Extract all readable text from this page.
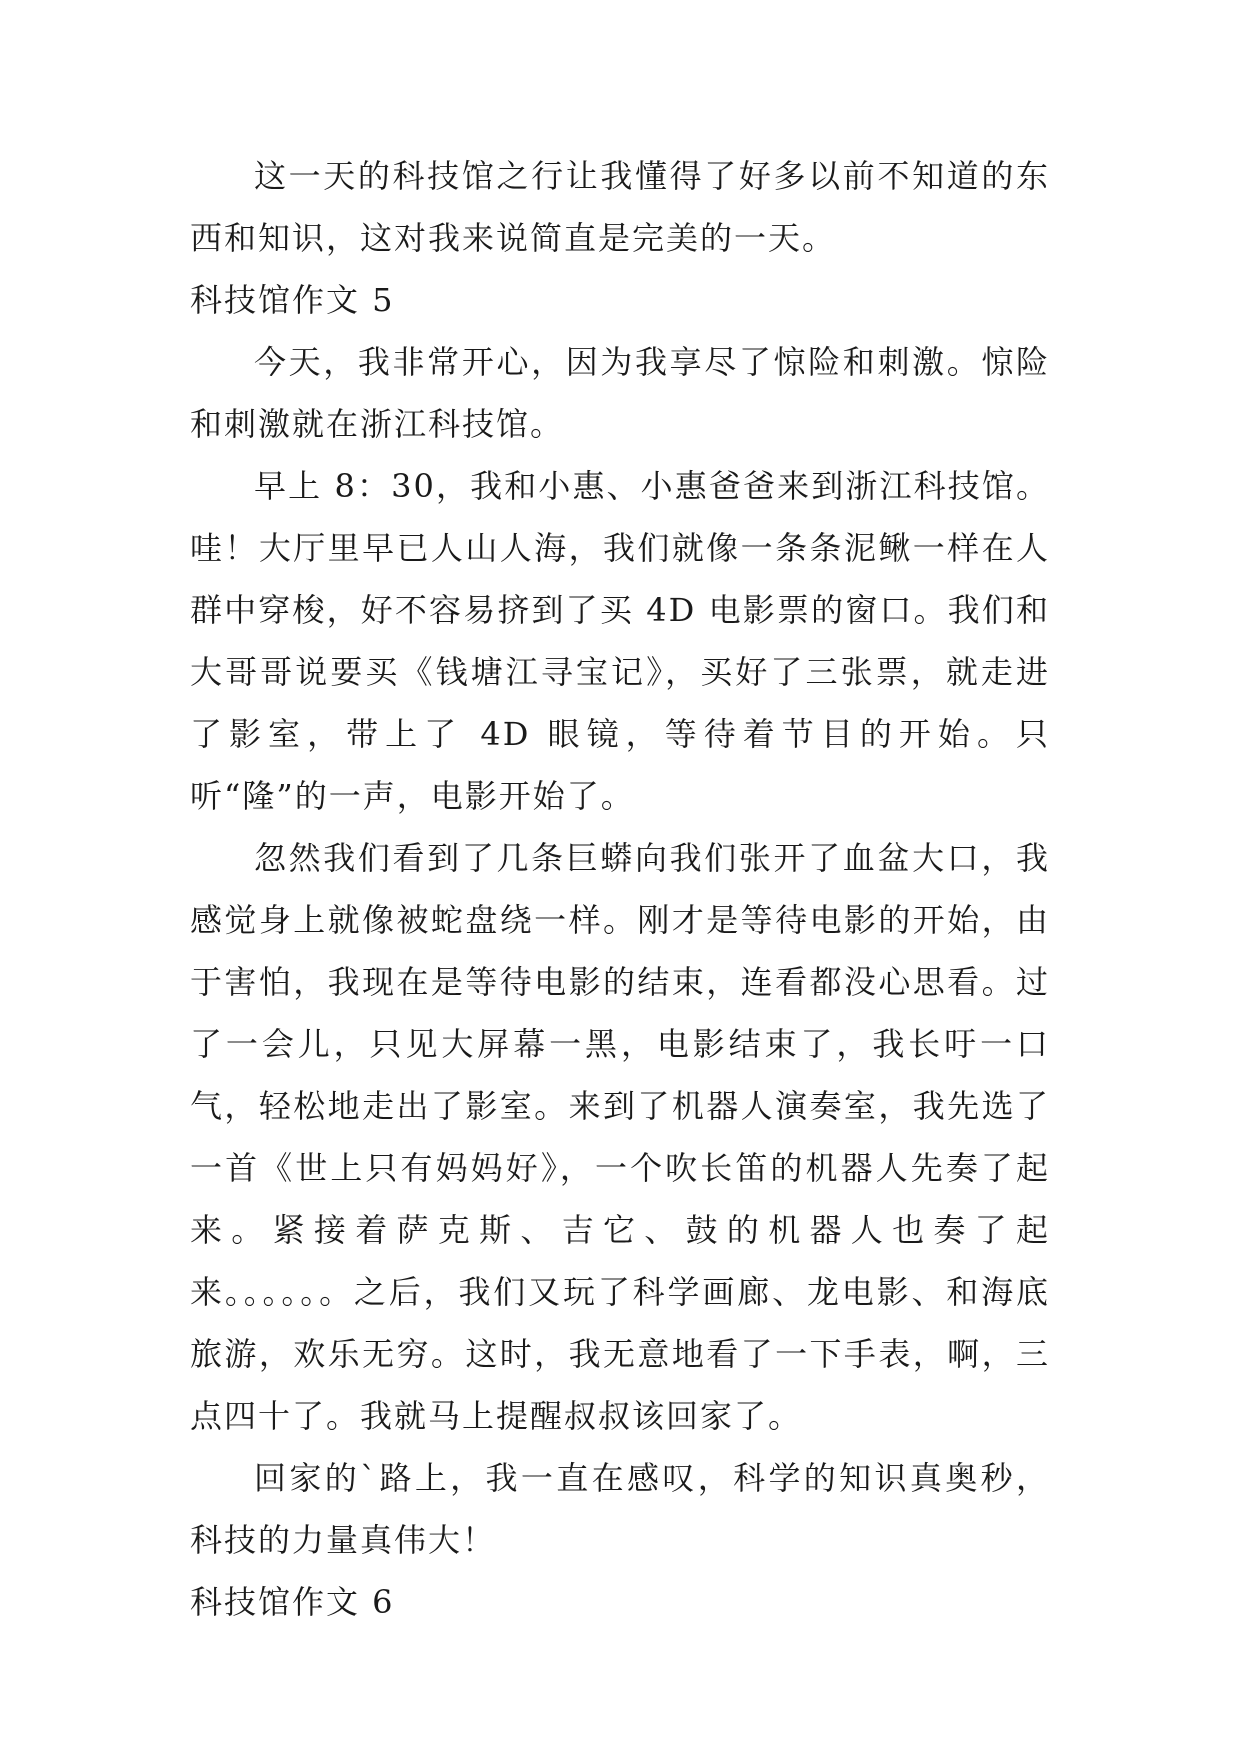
这一天的科技馆之行让我懂得了好多以前不知道的东西和知识，这对我来说简直是完美的一天。

科技馆作文 5

今天，我非常开心，因为我享尽了惊险和刺激。惊险和刺激就在浙江科技馆。

早上 8：30，我和小惠、小惠爸爸来到浙江科技馆。哇！大厅里早已人山人海，我们就像一条条泥鳅一样在人群中穿梭，好不容易挤到了买 4D 电影票的窗口。我们和大哥哥说要买《钱塘江寻宝记》，买好了三张票，就走进了影室，带上了 4D 眼镜，等待着节目的开始。只听“隆”的一声，电影开始了。

忽然我们看到了几条巨蟒向我们张开了血盆大口，我感觉身上就像被蛇盘绕一样。刚才是等待电影的开始，由于害怕，我现在是等待电影的结束，连看都没心思看。过了一会儿，只见大屏幕一黑，电影结束了，我长吁一口气，轻松地走出了影室。来到了机器人演奏室，我先选了一首《世上只有妈妈好》，一个吹长笛的机器人先奏了起来。紧接着萨克斯、吉它、鼓的机器人也奏了起来。。。。。。之后，我们又玩了科学画廊、龙电影、和海底旅游，欢乐无穷。这时，我无意地看了一下手表，啊，三点四十了。我就马上提醒叔叔该回家了。

回家的`路上，我一直在感叹，科学的知识真奥秒，科技的力量真伟大！

科技馆作文 6
